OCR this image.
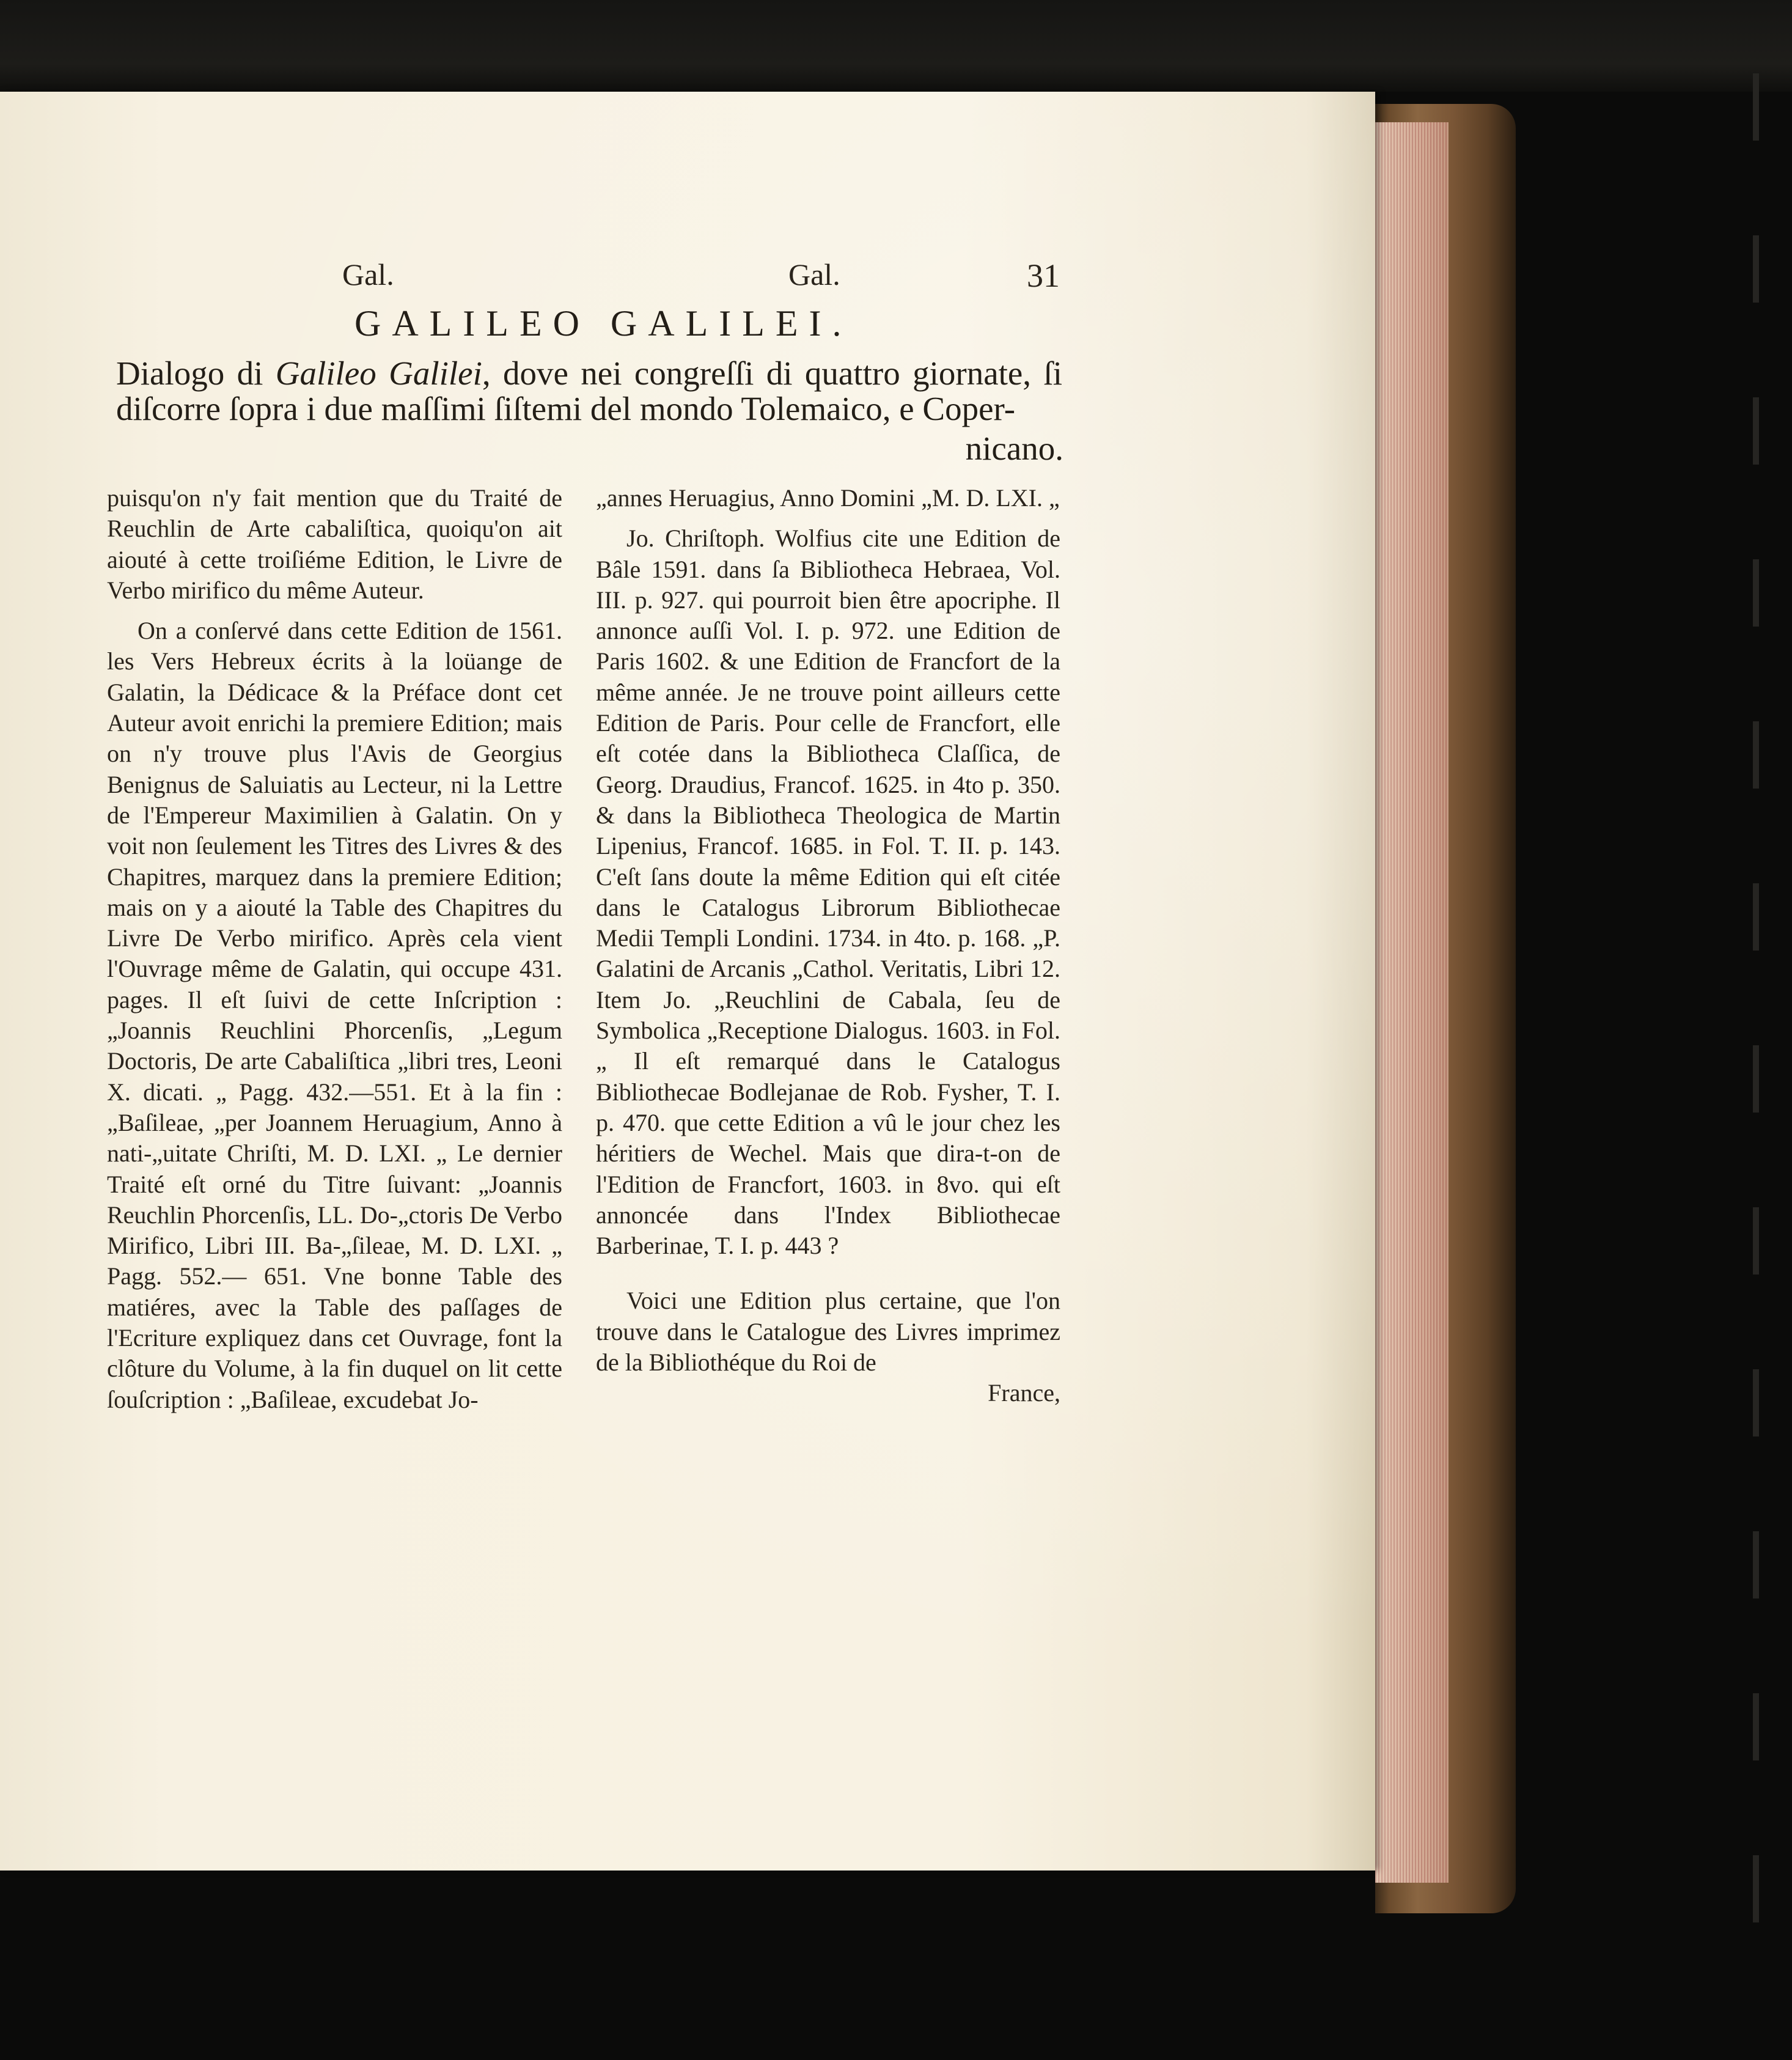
Gal.	Gal.	31
GALILEO GALILEI.
Dialogo di Galileo Galilei, dove nei congreſſi di quattro giornate, ſi diſcorre ſopra i due maſſimi ſiſtemi del mondo Tolemaico, e Coper-
nicano.

puisqu'on n'y fait mention que du Traité de Reuchlin de Arte cabaliſtica, quoiqu'on ait aiouté à cette troiſiéme Edition, le Livre de Verbo mirifico du même Auteur.

On a conſervé dans cette Edition de 1561. les Vers Hebreux écrits à la loüange de Galatin, la Dédicace & la Préface dont cet Auteur avoit enrichi la premiere Edition; mais on n'y trouve plus l'Avis de Georgius Benignus de Saluiatis au Lecteur, ni la Lettre de l'Empereur Maximilien à Galatin. On y voit non ſeulement les Titres des Livres & des Chapitres, marquez dans la premiere Edition; mais on y a aiouté la Table des Chapitres du Livre De Verbo mirifico. Après cela vient l'Ouvrage même de Galatin, qui occupe 431. pages. Il eſt ſuivi de cette Inſcription : „Joannis Reuchlini Phorcenſis, „Legum Doctoris, De arte Cabaliſtica „libri tres, Leoni X. dicati. „ Pagg. 432.—551. Et à la fin : „Baſileae, „per Joannem Heruagium, Anno à nati-„uitate Chriſti, M. D. LXI. „ Le dernier Traité eſt orné du Titre ſuivant: „Joannis Reuchlin Phorcenſis, LL. Do-„ctoris De Verbo Mirifico, Libri III. Ba-„ſileae, M. D. LXI. „ Pagg. 552.— 651. Vne bonne Table des matiéres, avec la Table des paſſages de l'Ecriture expliquez dans cet Ouvrage, font la clôture du Volume, à la fin duquel on lit cette ſouſcription : „Baſileae, excudebat Jo-

„annes Heruagius, Anno Domini „M. D. LXI. „

Jo. Chriſtoph. Wolfius cite une Edition de Bâle 1591. dans ſa Bibliotheca Hebraea, Vol. III. p. 927. qui pourroit bien être apocriphe. Il annonce auſſi Vol. I. p. 972. une Edition de Paris 1602. & une Edition de Francfort de la même année. Je ne trouve point ailleurs cette Edition de Paris. Pour celle de Francfort, elle eſt cotée dans la Bibliotheca Claſſica, de Georg. Draudius, Francof. 1625. in 4to p. 350. & dans la Bibliotheca Theologica de Martin Lipenius, Francof. 1685. in Fol. T. II. p. 143. C'eſt ſans doute la même Edition qui eſt citée dans le Catalogus Librorum Bibliothecae Medii Templi Londini. 1734. in 4to. p. 168. „P. Galatini de Arcanis „Cathol. Veritatis, Libri 12. Item Jo. „Reuchlini de Cabala, ſeu de Symbolica „Receptione Dialogus. 1603. in Fol. „ Il eſt remarqué dans le Catalogus Bibliothecae Bodlejanae de Rob. Fysher, T. I. p. 470. que cette Edition a vû le jour chez les héritiers de Wechel. Mais que dira-t-on de l'Edition de Francfort, 1603. in 8vo. qui eſt annoncée dans l'Index Bibliothecae Barberinae, T. I. p. 443 ?

Voici une Edition plus certaine, que l'on trouve dans le Catalogue des Livres imprimez de la Bibliothéque du Roi de

France,
